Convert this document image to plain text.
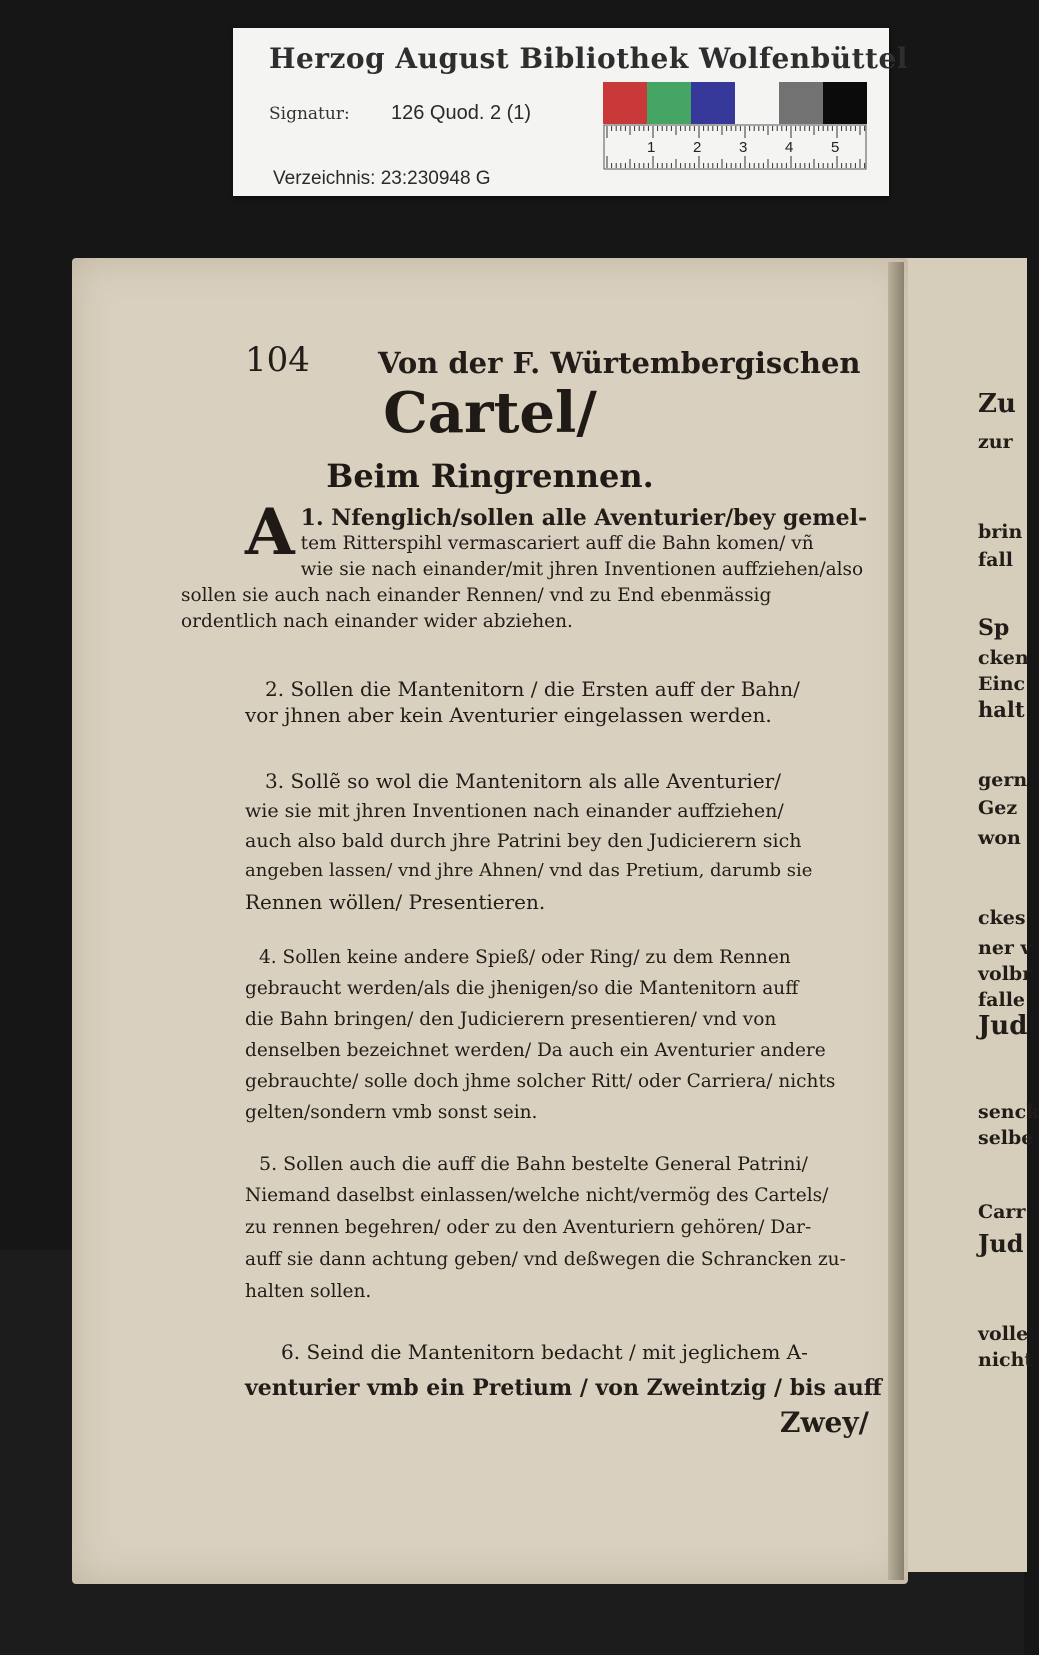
Herzog August Bibliothek Wolfenbüttel
Signatur: 126 Quod. 2 (1)
Verzeichnis: 23:230948 G
1	2	3	4	5
104 Von der F. Würtembergischen
Cartel/
Beim Ringrennen.
A 1. Nfenglich/sollen alle Aventurier/bey gemel-
tem Ritterspihl vermascariert auff die Bahn komen/ vñ
wie sie nach einander/mit jhren Inventionen auffziehen/also
sollen sie auch nach einander Rennen/ vnd zu End ebenmässig
ordentlich nach einander wider abziehen.
2. Sollen die Mantenitorn / die Ersten auff der Bahn/
vor jhnen aber kein Aventurier eingelassen werden.
3. Sollẽ so wol die Mantenitorn als alle Aventurier/
wie sie mit jhren Inventionen nach einander auffziehen/
auch also bald durch jhre Patrini bey den Judicierern sich
angeben lassen/ vnd jhre Ahnen/ vnd das Pretium, darumb sie
Rennen wöllen/ Presentieren.
4. Sollen keine andere Spieß/ oder Ring/ zu dem Rennen
gebraucht werden/als die jhenigen/so die Mantenitorn auff
die Bahn bringen/ den Judicierern presentieren/ vnd von
denselben bezeichnet werden/ Da auch ein Aventurier andere
gebrauchte/ solle doch jhme solcher Ritt/ oder Carriera/ nichts
gelten/sondern vmb sonst sein.
5. Sollen auch die auff die Bahn bestelte General Patrini/
Niemand daselbst einlassen/welche nicht/vermög des Cartels/
zu rennen begehren/ oder zu den Aventuriern gehören/ Dar-
auff sie dann achtung geben/ vnd deßwegen die Schrancken zu-
halten sollen.
6. Seind die Mantenitorn bedacht / mit jeglichem A-
venturier vmb ein Pretium / von Zweintzig / bis auff
Zwey/
Zu
zur
brin
fall
Sp
cken
Einc
halt
gern
Gez
won
ckes
ner v
volbr
falle
Jud
senck
selbe
Carr
Jud
volle
nicht
